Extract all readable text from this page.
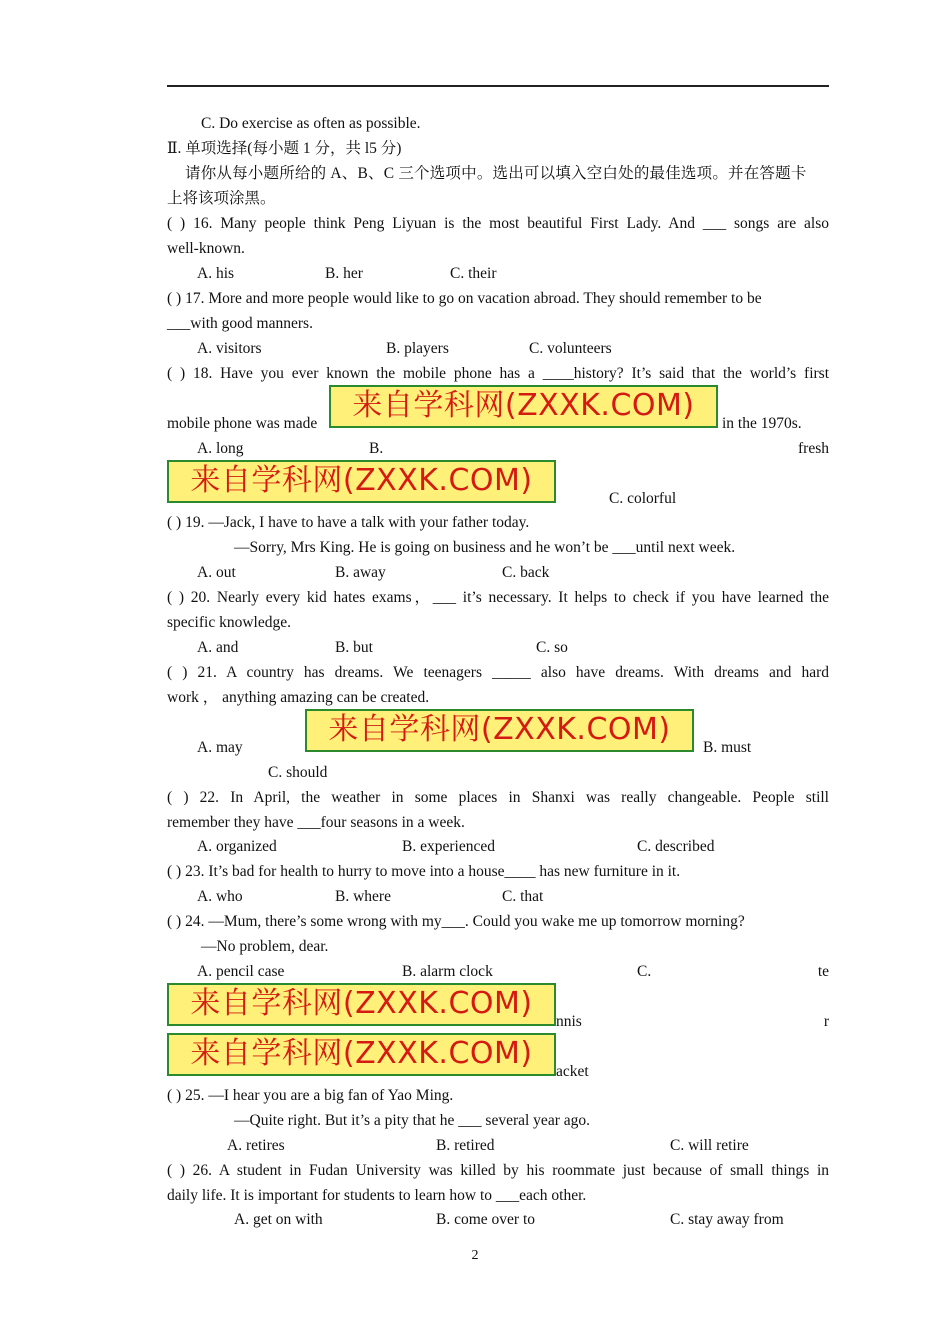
C. Do exercise as often as possible.
Ⅱ. 单项选择(每小题 1 分，共 l5 分)
请你从每小题所给的 A、B、C 三个选项中。选出可以填入空白处的最佳选项。并在答题卡
上将该项涂黑。
( ) 16. Many people think Peng Liyuan is the most beautiful First Lady. And ___ songs are also
well-known.
A. his	B. her	C. their
( ) 17. More and more people would like to go on vacation abroad. They should remember to be
___with good manners.
A. visitors	B. players	C. volunteers
( ) 18. Have you ever known the mobile phone has a ____history? It’s said that the world’s first
mobile phone was made	in the 1970s.
来自学科网(ZXXK.COM)
A. long	B.	fresh
来自学科网(ZXXK.COM)
C. colorful
( ) 19. —Jack, I have to have a talk with your father today.
—Sorry, Mrs King. He is going on business and he won’t be ___until next week.
A. out	B. away	C. back
( ) 20. Nearly every kid hates exams，___ it’s necessary. It helps to check if you have learned the
specific knowledge.
A. and	B. but	C. so
( ) 21. A country has dreams. We teenagers _____ also have dreams. With dreams and hard
work ， anything amazing can be created.
来自学科网(ZXXK.COM)
A. may	B. must
C. should
( ) 22. In April, the weather in some places in Shanxi was really changeable. People still
remember they have ___four seasons in a week.
A. organized	B. experienced	C. described
( ) 23. It’s bad for health to hurry to move into a house____ has new furniture in it.
A. who	B. where	C. that
( ) 24. —Mum, there’s some wrong with my___. Could you wake me up tomorrow morning?
—No problem, dear.
A. pencil case	B. alarm clock	C.	te
来自学科网(ZXXK.COM)
nnis	r
来自学科网(ZXXK.COM)
acket
( ) 25. —I hear you are a big fan of Yao Ming.
—Quite right. But it’s a pity that he ___ several year ago.
A. retires	B. retired	C. will retire
( ) 26. A student in Fudan University was killed by his roommate just because of small things in
daily life. It is important for students to learn how to ___each other.
A. get on with	B. come over to	C. stay away from
2
